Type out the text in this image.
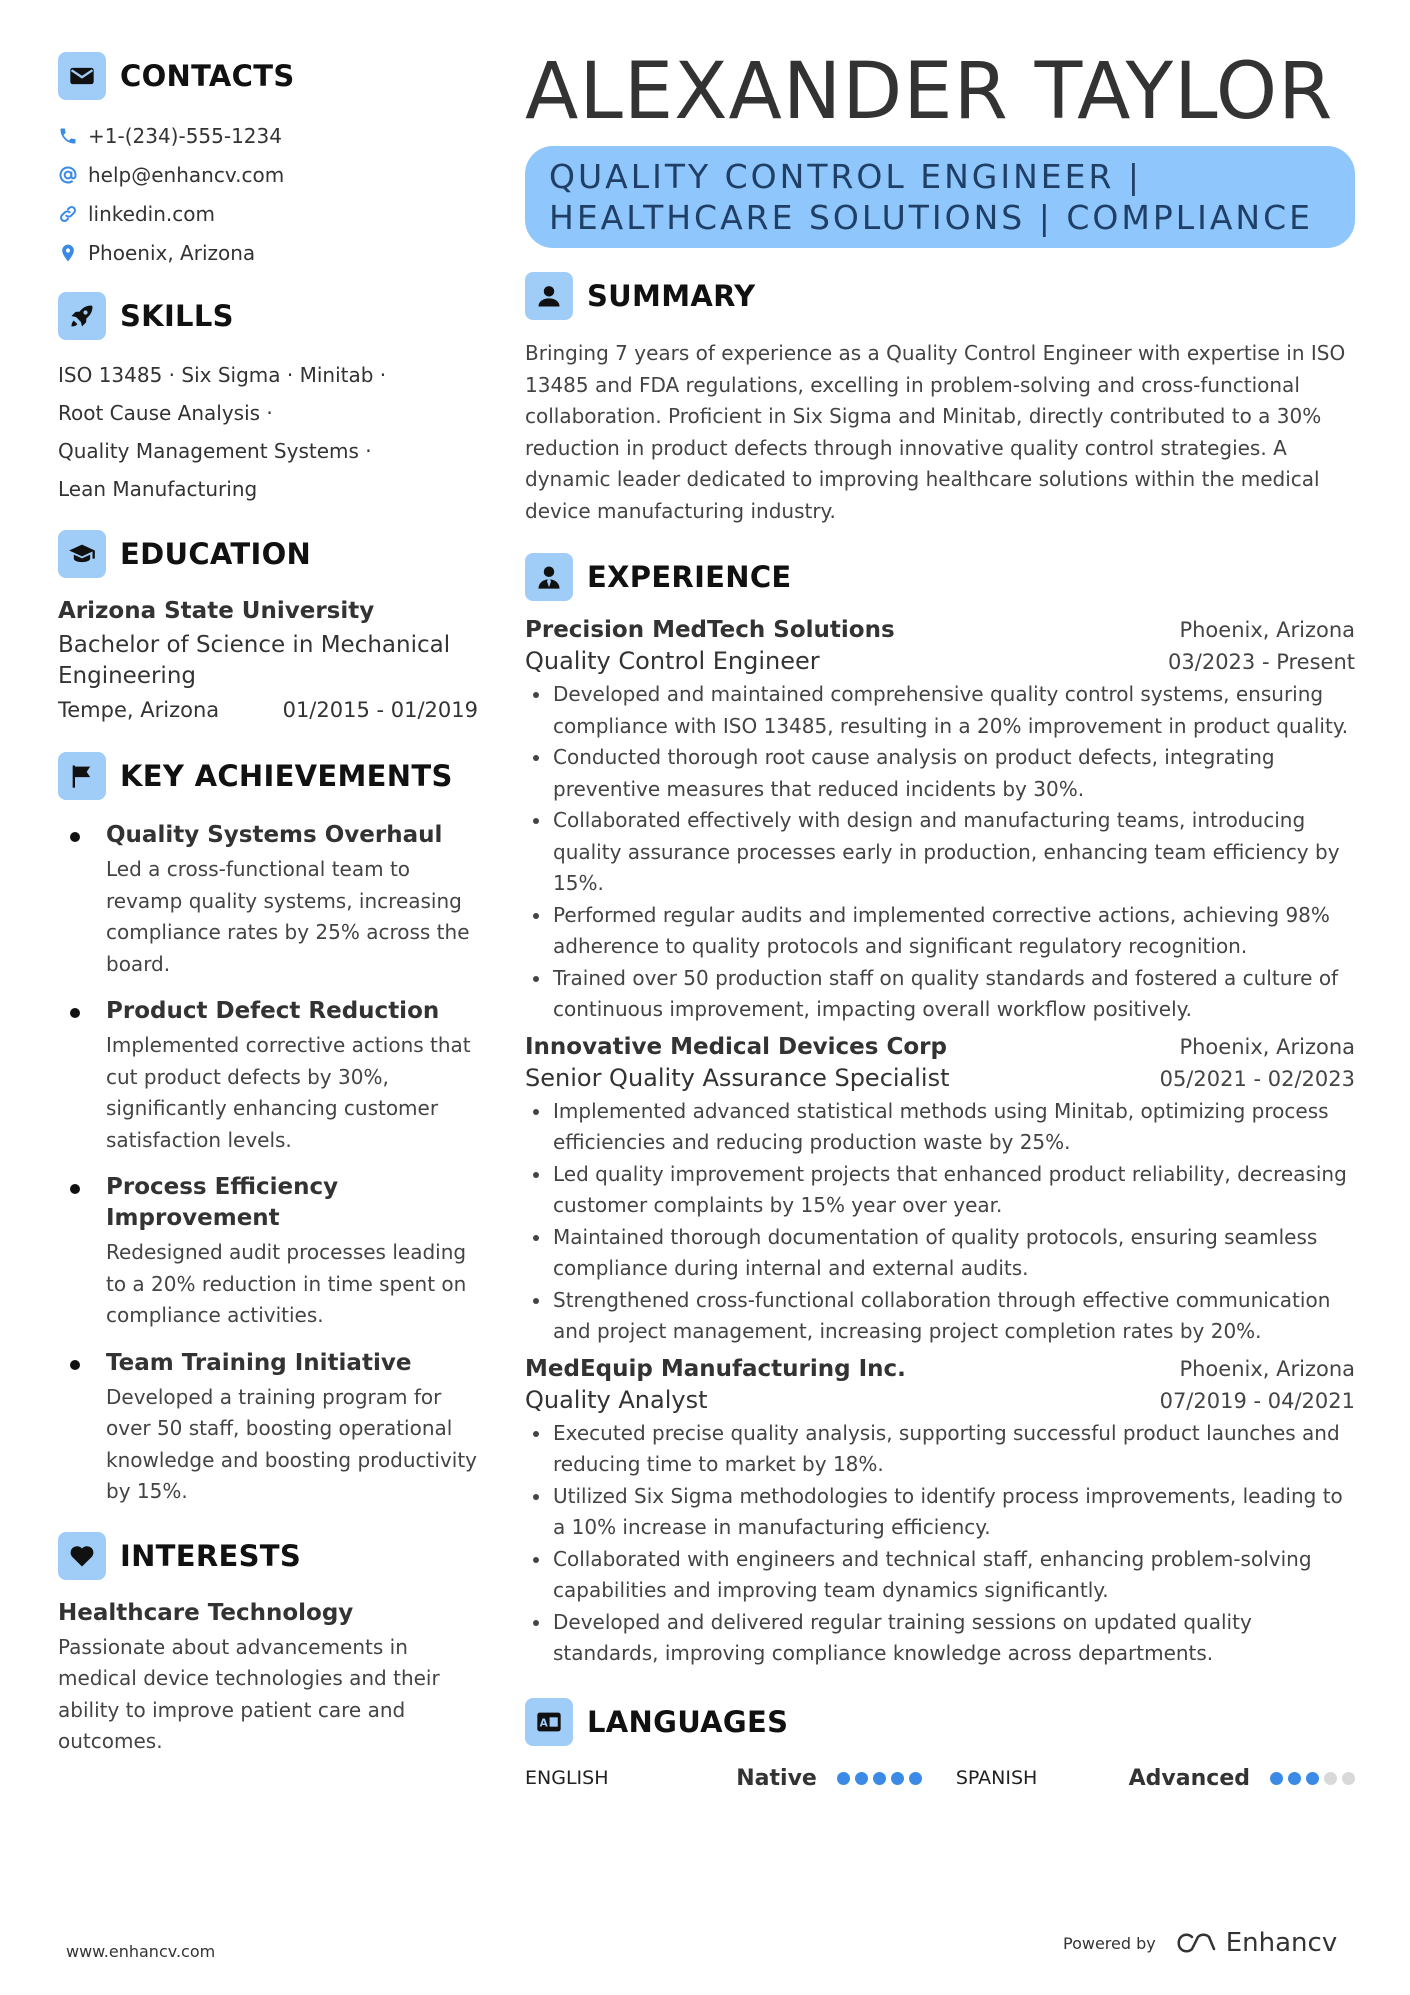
CONTACTS
+1-(234)-555-1234
help@enhancv.com
linkedin.com
Phoenix, Arizona
SKILLS
ISO 13485 · Six Sigma · Minitab ·
Root Cause Analysis ·
Quality Management Systems ·
Lean Manufacturing
EDUCATION
Arizona State University
Bachelor of Science in Mechanical Engineering
Tempe, Arizona	01/2015 - 01/2019
KEY ACHIEVEMENTS
Quality Systems Overhaul
Led a cross-functional team to revamp quality systems, increasing compliance rates by 25% across the board.
Product Defect Reduction
Implemented corrective actions that cut product defects by 30%, significantly enhancing customer satisfaction levels.
Process Efficiency Improvement
Redesigned audit processes leading to a 20% reduction in time spent on compliance activities.
Team Training Initiative
Developed a training program for over 50 staff, boosting operational knowledge and boosting productivity by 15%.
INTERESTS
Healthcare Technology
Passionate about advancements in medical device technologies and their ability to improve patient care and outcomes.
ALEXANDER TAYLOR
QUALITY CONTROL ENGINEER | HEALTHCARE SOLUTIONS | COMPLIANCE
SUMMARY
Bringing 7 years of experience as a Quality Control Engineer with expertise in ISO 13485 and FDA regulations, excelling in problem-solving and cross-functional collaboration. Proficient in Six Sigma and Minitab, directly contributed to a 30% reduction in product defects through innovative quality control strategies. A dynamic leader dedicated to improving healthcare solutions within the medical device manufacturing industry.
EXPERIENCE
Precision MedTech Solutions	Phoenix, Arizona
Quality Control Engineer	03/2023 - Present
Developed and maintained comprehensive quality control systems, ensuring compliance with ISO 13485, resulting in a 20% improvement in product quality.
Conducted thorough root cause analysis on product defects, integrating preventive measures that reduced incidents by 30%.
Collaborated effectively with design and manufacturing teams, introducing quality assurance processes early in production, enhancing team efficiency by 15%.
Performed regular audits and implemented corrective actions, achieving 98% adherence to quality protocols and significant regulatory recognition.
Trained over 50 production staff on quality standards and fostered a culture of continuous improvement, impacting overall workflow positively.
Innovative Medical Devices Corp	Phoenix, Arizona
Senior Quality Assurance Specialist	05/2021 - 02/2023
Implemented advanced statistical methods using Minitab, optimizing process efficiencies and reducing production waste by 25%.
Led quality improvement projects that enhanced product reliability, decreasing customer complaints by 15% year over year.
Maintained thorough documentation of quality protocols, ensuring seamless compliance during internal and external audits.
Strengthened cross-functional collaboration through effective communication and project management, increasing project completion rates by 20%.
MedEquip Manufacturing Inc.	Phoenix, Arizona
Quality Analyst	07/2019 - 04/2021
Executed precise quality analysis, supporting successful product launches and reducing time to market by 18%.
Utilized Six Sigma methodologies to identify process improvements, leading to a 10% increase in manufacturing efficiency.
Collaborated with engineers and technical staff, enhancing problem-solving capabilities and improving team dynamics significantly.
Developed and delivered regular training sessions on updated quality standards, improving compliance knowledge across departments.
A LANGUAGES
ENGLISH	Native	SPANISH	Advanced
www.enhancv.com	Powered by	Enhancv
